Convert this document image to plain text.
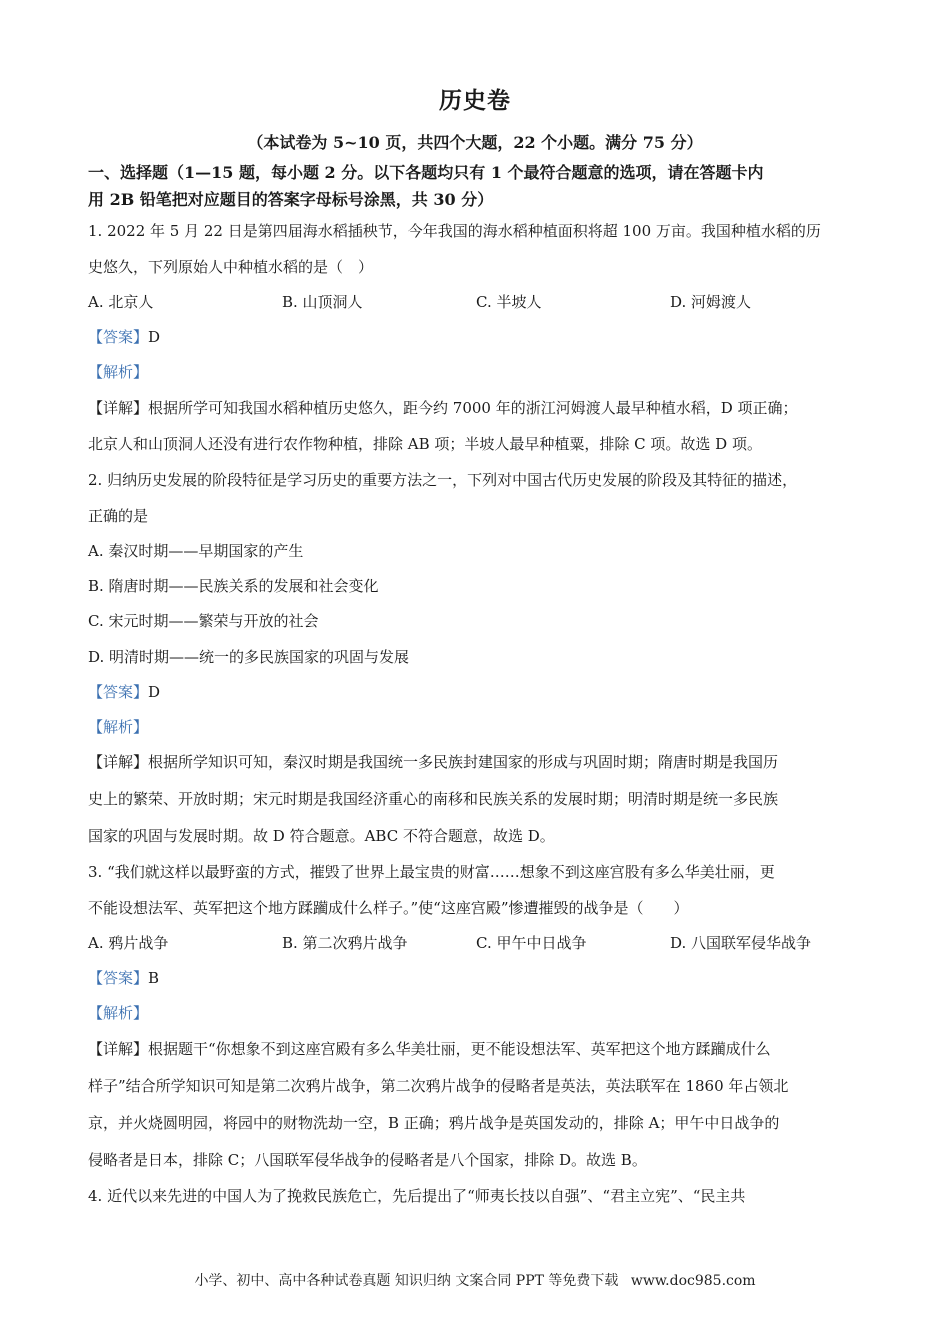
历史卷
（本试卷为 5~10 页，共四个大题，22 个小题。满分 75 分）
一、选择题（1—15 题，每小题 2 分。以下各题均只有 1 个最符合题意的选项，请在答题卡内
用 2B 铅笔把对应题目的答案字母标号涂黑，共 30 分）
1. 2022 年 5 月 22 日是第四届海水稻插秧节，今年我国的海水稻种植面积将超 100 万亩。我国种植水稻的历
史悠久，下列原始人中种植水稻的是（　）
A. 北京人	B. 山顶洞人	C. 半坡人	D. 河姆渡人
【答案】D
【解析】
【详解】根据所学可知我国水稻种植历史悠久，距今约 7000 年的浙江河姆渡人最早种植水稻，D 项正确；
北京人和山顶洞人还没有进行农作物种植，排除 AB 项；半坡人最早种植粟，排除 C 项。故选 D 项。
2. 归纳历史发展的阶段特征是学习历史的重要方法之一，下列对中国古代历史发展的阶段及其特征的描述，
正确的是
A. 秦汉时期——早期国家的产生
B. 隋唐时期——民族关系的发展和社会变化
C. 宋元时期——繁荣与开放的社会
D. 明清时期——统一的多民族国家的巩固与发展
【答案】D
【解析】
【详解】根据所学知识可知，秦汉时期是我国统一多民族封建国家的形成与巩固时期；隋唐时期是我国历
史上的繁荣、开放时期；宋元时期是我国经济重心的南移和民族关系的发展时期；明清时期是统一多民族
国家的巩固与发展时期。故 D 符合题意。ABC 不符合题意，故选 D。
3. “我们就这样以最野蛮的方式，摧毁了世界上最宝贵的财富……想象不到这座宫股有多么华美壮丽，更
不能设想法军、英军把这个地方蹂躏成什么样子。”使“这座宫殿”惨遭摧毁的战争是（　　）
A. 鸦片战争	B. 第二次鸦片战争	C. 甲午中日战争	D. 八国联军侵华战争
【答案】B
【解析】
【详解】根据题干“你想象不到这座宫殿有多么华美壮丽，更不能设想法军、英军把这个地方蹂躏成什么
样子”结合所学知识可知是第二次鸦片战争，第二次鸦片战争的侵略者是英法，英法联军在 1860 年占领北
京，并火烧圆明园，将园中的财物洗劫一空，B 正确；鸦片战争是英国发动的，排除 A；甲午中日战争的
侵略者是日本，排除 C；八国联军侵华战争的侵略者是八个国家，排除 D。故选 B。
4. 近代以来先进的中国人为了挽救民族危亡，先后提出了“师夷长技以自强”、“君主立宪”、“民主共
小学、初中、高中各种试卷真题 知识归纳 文案合同 PPT 等免费下载 www.doc985.com
